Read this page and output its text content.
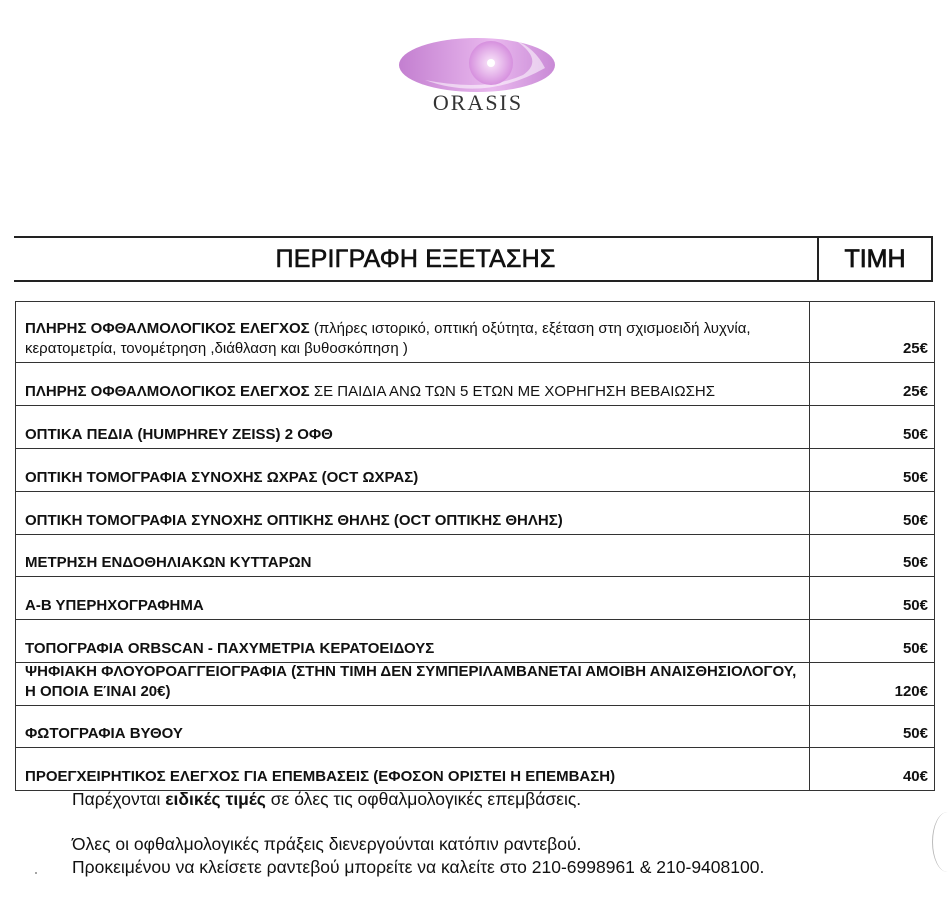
ORASIS
ΠΕΡΙΓΡΑΦΗ ΕΞΕΤΑΣΗΣ	ΤΙΜΗ
ΠΛΗΡΗΣ ΟΦΘΑΛΜΟΛΟΓΙΚΟΣ ΕΛΕΓΧΟΣ (πλήρες ιστορικό, οπτική οξύτητα, εξέταση στη σχισμοειδή λυχνία, κερατομετρία, τονομέτρηση ,διάθλαση και βυθοσκόπηση )	25€
ΠΛΗΡΗΣ ΟΦΘΑΛΜΟΛΟΓΙΚΟΣ ΕΛΕΓΧΟΣ ΣΕ ΠΑΙΔΙΑ ΑΝΩ ΤΩΝ 5 ΕΤΩΝ ΜΕ ΧΟΡΗΓΗΣΗ ΒΕΒΑΙΩΣΗΣ	25€
ΟΠΤΙΚΑ ΠΕΔΙΑ (HUMPHREY ZEISS) 2 ΟΦΘ	50€
ΟΠΤΙΚΗ ΤΟΜΟΓΡΑΦΙΑ ΣΥΝΟΧΗΣ ΩΧΡΑΣ (OCT ΩΧΡΑΣ)	50€
ΟΠΤΙΚΗ ΤΟΜΟΓΡΑΦΙΑ ΣΥΝΟΧΗΣ ΟΠΤΙΚΗΣ ΘΗΛΗΣ (OCT ΟΠΤΙΚΗΣ ΘΗΛΗΣ)	50€
ΜΕΤΡΗΣΗ ΕΝΔΟΘΗΛΙΑΚΩΝ ΚΥΤΤΑΡΩΝ	50€
Α-Β ΥΠΕΡΗΧΟΓΡΑΦΗΜΑ	50€
ΤΟΠΟΓΡΑΦΙΑ ORBSCAN - ΠΑΧΥΜΕΤΡΙΑ ΚΕΡΑΤΟΕΙΔΟΥΣ	50€
ΨΗΦΙΑΚΗ ΦΛΟΥΟΡΟΑΓΓΕΙΟΓΡΑΦΙΑ (ΣΤΗΝ ΤΙΜΗ ΔΕΝ ΣΥΜΠΕΡΙΛΑΜΒΑΝΕΤΑΙ ΑΜΟΙΒΗ ΑΝΑΙΣΘΗΣΙΟΛΟΓΟΥ, Η ΟΠΟΙΑ ΕΊΝΑΙ 20€)	120€
ΦΩΤΟΓΡΑΦΙΑ ΒΥΘΟΥ	50€
ΠΡΟΕΓΧΕΙΡΗΤΙΚΟΣ ΕΛΕΓΧΟΣ ΓΙΑ ΕΠΕΜΒΑΣΕΙΣ (ΕΦΟΣΟΝ ΟΡΙΣΤΕΙ Η ΕΠΕΜΒΑΣΗ)	40€

Παρέχονται ειδικές τιμές σε όλες τις οφθαλμολογικές επεμβάσεις.

Όλες οι οφθαλμολογικές πράξεις διενεργούνται κατόπιν ραντεβού.

Προκειμένου να κλείσετε ραντεβού μπορείτε να καλείτε στο 210-6998961 & 210-9408100.
